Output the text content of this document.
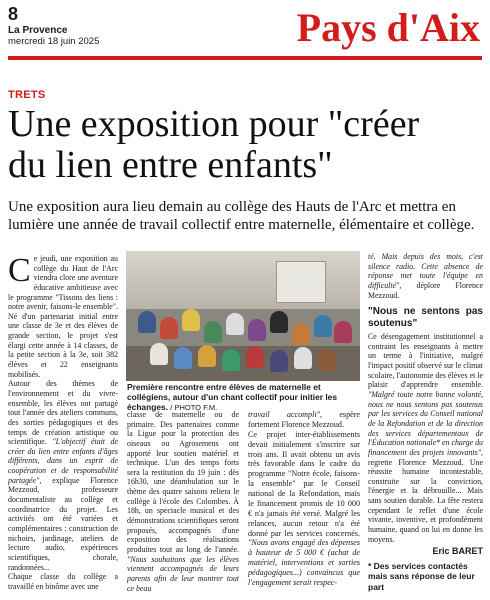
8
La Provence
mercredi 18 juin 2025	Pays d'Aix
TRETS
Une exposition pour "créer
du lien entre enfants"
Une exposition aura lieu demain au collège des Hauts de l'Arc et mettra en lumière une année de travail collectif entre maternelle, élémentaire et collège.

Ce jeudi, une exposition au collège du Haut de l'Arc viendra clore une aventure éducative ambitieuse avec le programme "Tissons des liens : notre avenir, faisons-le ensemble". Né d'un partenariat initial entre une classe de 3e et des élèves de grande section, le projet s'est élargi cette année à 14 classes, de la petite section à la 3e, soit 382 élèves et 22 enseignants mobilisés.

Autour des thèmes de l'environnement et du vivre-ensemble, les élèves ont partagé tout l'année des ateliers communs, des sorties pédagogiques et des temps de création artistique ou scientifique. "L'objectif était de créer du lien entre enfants d'âges différents, dans un esprit de coopération et de responsabilité partagée", explique Florence Mezzoud, professeure documentaliste au collège et coordinatrice du projet. Les activités ont été variées et complémentaires : construction de nichoirs, jardinage, ateliers de lecture audio, expériences scientifiques, chorale, randonnées...

Chaque classe du collège a travaillé en binôme avec une

Première rencontre entre élèves de maternelle et collégiens, autour d'un chant collectif pour initier les échanges. / PHOTO F.M.

classe de maternelle ou de primaire. Des partenaires comme la Ligue pour la protection des oiseaux ou Agrosemens ont apporté leur soutien matériel et technique. L'un des temps forts sera la restitution du 19 juin : dès 16h30, une déambulation sur le thème des quatre saisons reliera le collège à l'école des Colombes. À 18h, un spectacle musical et des démonstrations scientifiques seront proposés, accompagnés d'une exposition des réalisations produites tout au long de l'année. "Nous souhaitons que les élèves viennent accompagnés de leurs parents afin de leur montrer tout ce beau

travail accompli", espère fortement Florence Mezzoud.

Ce projet inter-établissements devait initialement s'inscrire sur trois ans. Il avait obtenu un avis très favorable dans le cadre du programme "Notre école, faisons-la ensemble" par le Conseil national de la Refondation, mais le financement promis de 10 000 € n'a jamais été versé. Malgré les relances, aucun retour n'a été donné par les services concernés. "Nous avons engagé des dépenses à hauteur de 5 000 € (achat de matériel, interventions et sorties pédagogiques...) convaincus que l'engagement serait respec-

té. Mais depuis des mois, c'est silence radio. Cette absence de réponse met toute l'équipe en difficulté", déplore Florence Mezzoud.

"Nous ne sentons pas soutenus"

Ce désengagement institutionnel a contraint les enseignants à mettre un terme à l'initiative, malgré l'impact positif observé sur le climat scolaire, l'autonomie des élèves et le plaisir d'apprendre ensemble. "Malgré toute notre bonne volonté, nous ne nous sentons pas soutenus par les services du Conseil national de la Refondation et de la direction des services départementaux de l'Éducation nationale* en charge du financement des projets innovants", regrette Florence Mezzoud. Une réussite humaine incontestable, construite sur la conviction, l'énergie et la débrouille... Mais sans soutien durable. La fête restera cependant le reflet d'une école vivante, inventive, et profondément humaine, quand on lui en donne les moyens.

Eric BARET

* Des services contactés mais sans réponse de leur part
